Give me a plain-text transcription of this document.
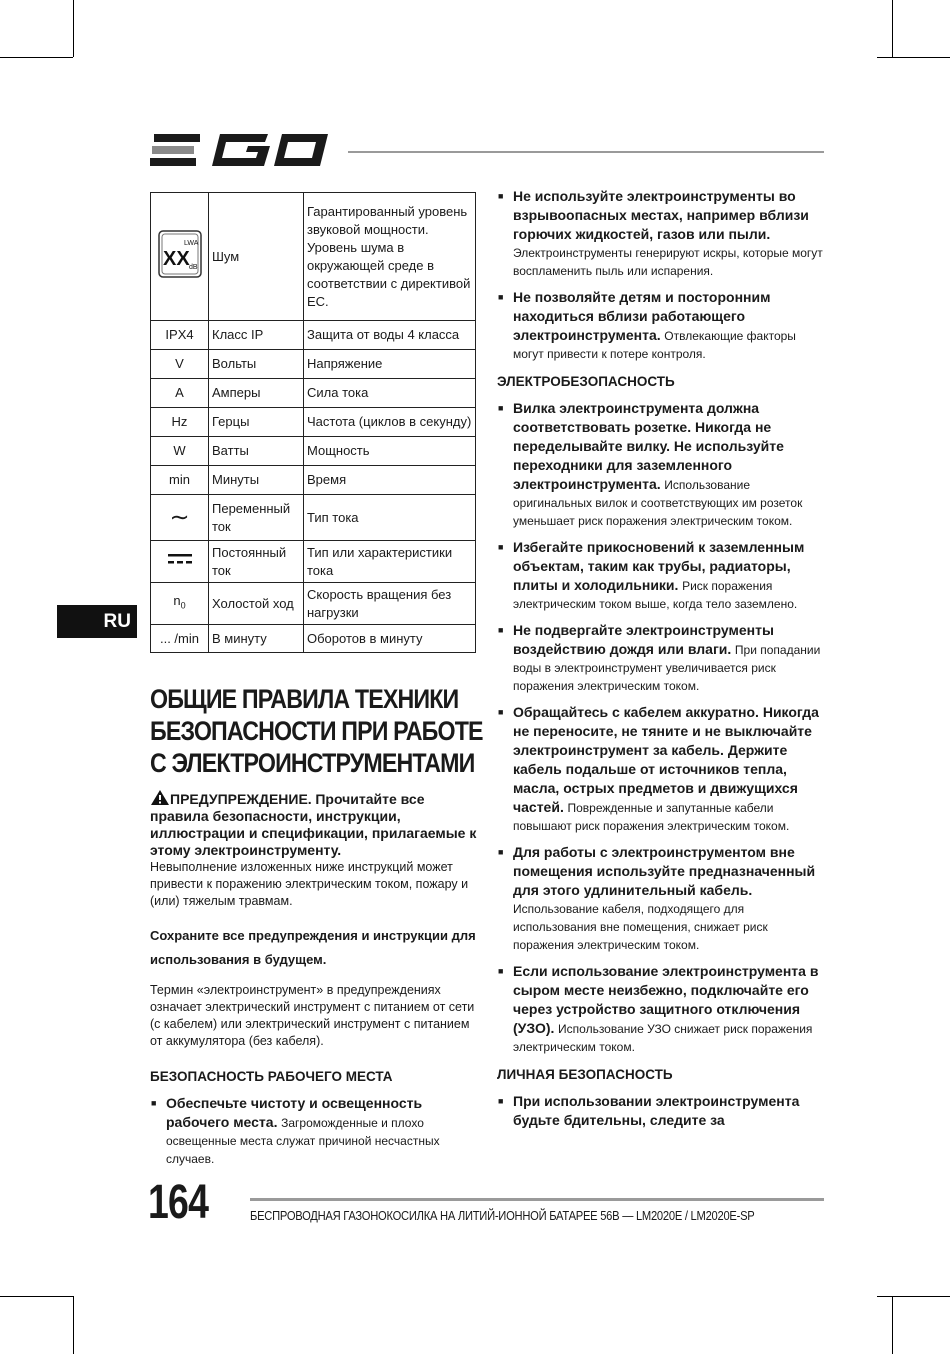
LWA
XX dB	Шум	Гарантированный уровень звуковой мощности. Уровень шума в окружающей среде в соответствии с директивой ЕС.
IPX4	Класс IP	Защита от воды 4 класса
V	Вольты	Напряжение
A	Амперы	Сила тока
Hz	Герцы	Частота (циклов в секунду)
W	Ватты	Мощность
min	Минуты	Время
∼	Переменный ток	Тип тока
	Постоянный ток	Тип или характеристики тока
$n_0$	Холостой ход	Скорость вращения без нагрузки
... /min	В минуту	Оборотов в минуту
RU
ОБЩИЕ ПРАВИЛА ТЕХНИКИ
БЕЗОПАСНОСТИ ПРИ РАБОТЕ
С ЭЛЕКТРОИНСТРУМЕНТАМИ
ПРЕДУПРЕЖДЕНИЕ. Прочитайте все правила безопасности, инструкции, иллюстрации и спецификации, прилагаемые к этому электроинструменту.
Невыполнение изложенных ниже инструкций может привести к поражению электрическим током, пожару и (или) тяжелым травмам.

Сохраните все предупреждения и инструкции для использования в будущем.

Термин «электроинструмент» в предупреждениях означает электрический инструмент с питанием от сети (с кабелем) или электрический инструмент с питанием от аккумулятора (без кабеля).

БЕЗОПАСНОСТЬ РАБОЧЕГО МЕСТА
■ Обеспечьте чистоту и освещенность рабочего места. Загроможденные и плохо освещенные места служат причиной несчастных случаев.
■ Не используйте электроинструменты во взрывоопасных местах, например вблизи горючих жидкостей, газов или пыли. Электроинструменты генерируют искры, которые могут воспламенить пыль или испарения.
■ Не позволяйте детям и посторонним находиться вблизи работающего электроинструмента. Отвлекающие факторы могут привести к потере контроля.
ЭЛЕКТРОБЕЗОПАСНОСТЬ
■ Вилка электроинструмента должна соответствовать розетке. Никогда не переделывайте вилку. Не используйте переходники для заземленного электроинструмента. Использование оригинальных вилок и соответствующих им розеток уменьшает риск поражения электрическим током.
■ Избегайте прикосновений к заземленным объектам, таким как трубы, радиаторы, плиты и холодильники. Риск поражения электрическим током выше, когда тело заземлено.
■ Не подвергайте электроинструменты воздействию дождя или влаги. При попадании воды в электроинструмент увеличивается риск поражения электрическим током.
■ Обращайтесь с кабелем аккуратно. Никогда не переносите, не тяните и не выключайте электроинструмент за кабель. Держите кабель подальше от источников тепла, масла, острых предметов и движущихся частей. Поврежденные и запутанные кабели повышают риск поражения электрическим током.
■ Для работы с электроинструментом вне помещения используйте предназначенный для этого удлинительный кабель. Использование кабеля, подходящего для использования вне помещения, снижает риск поражения электрическим током.
■ Если использование электроинструмента в сыром месте неизбежно, подключайте его через устройство защитного отключения (УЗО). Использование УЗО снижает риск поражения электрическим током.
ЛИЧНАЯ БЕЗОПАСНОСТЬ
■ При использовании электроинструмента будьте бдительны, следите за
164	БЕСПРОВОДНАЯ ГАЗОНОКОСИЛКА НА ЛИТИЙ-ИОННОЙ БАТАРЕЕ 56В — LM2020E / LM2020E-SP
